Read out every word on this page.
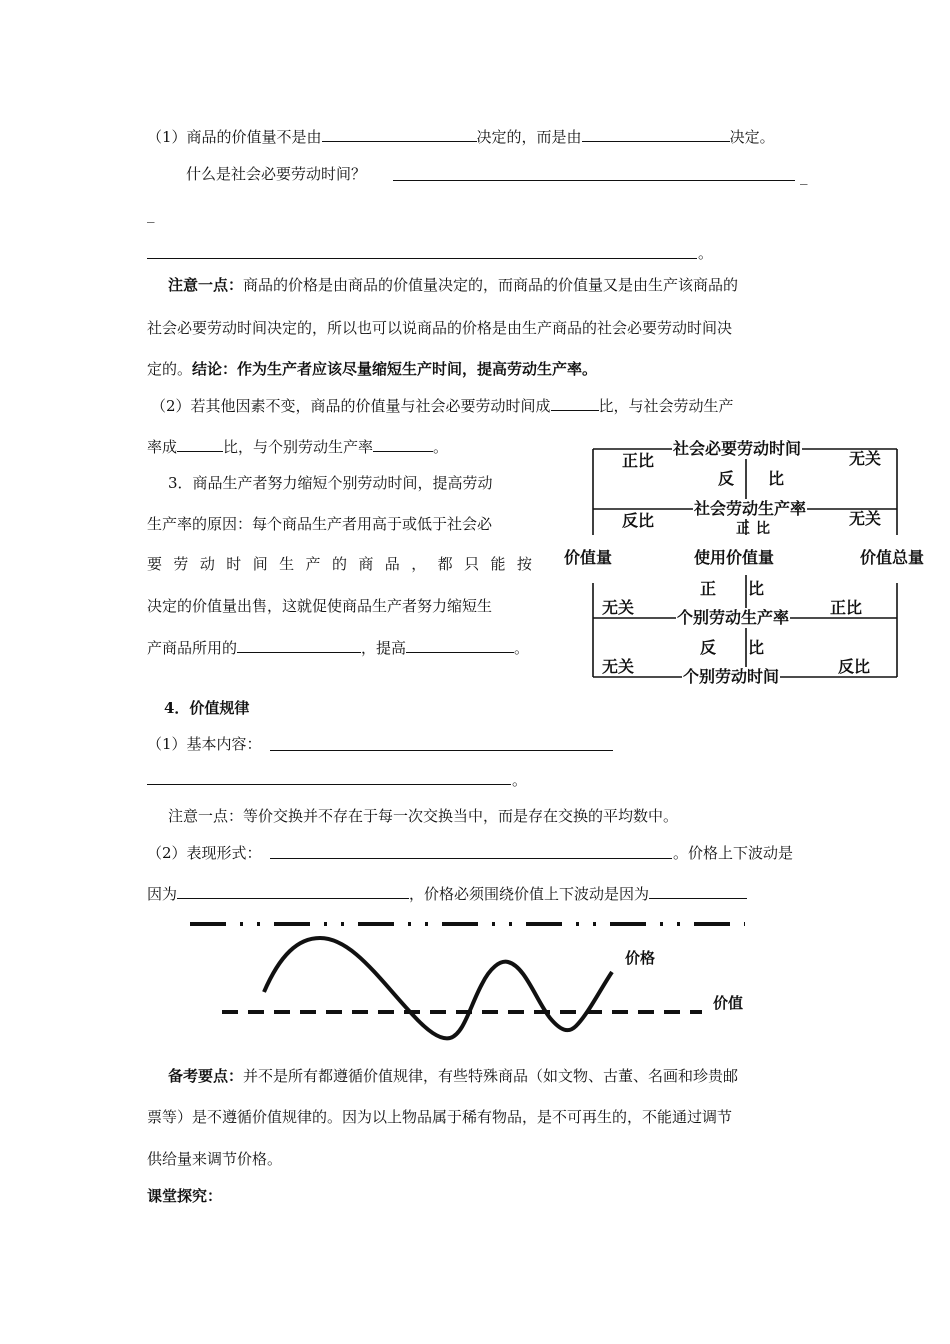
（1）商品的价值量不是由	决定的，而是由	决定。
什么是社会必要劳动时间？	_
_
。
注意一点：商品的价格是由商品的价值量决定的，而商品的价值量又是由生产该商品的
社会必要劳动时间决定的，所以也可以说商品的价格是由生产商品的社会必要劳动时间决
定的。结论：作为生产者应该尽量缩短生产时间，提高劳动生产率。
（2）若其他因素不变，商品的价值量与社会必要劳动时间成	比，与社会劳动生产
率成	比，与个别劳动生产率	。
3．商品生产者努力缩短个别劳动时间，提高劳动
生产率的原因：每个商品生产者用高于或低于社会必
要 劳 动 时 间 生 产 的 商 品 ， 都 只 能 按
决定的价值量出售，这就促使商品生产者努力缩短生
产商品所用的	，提高	。
社会必要劳动时间
反 比
正比	无关
社会劳动生产率
反比	无关
正 比
价值量	使用价值量	价值总量
正 比
无关
个别劳动生产率
正比
反 比
无关
个别劳动时间
反比
4．价值规律
（1）基本内容：
。
注意一点：等价交换并不存在于每一次交换当中，而是存在交换的平均数中。
（2）表现形式：	。价格上下波动是
因为	，价格必须围绕价值上下波动是因为
价格
价值
备考要点：并不是所有都遵循价值规律，有些特殊商品（如文物、古董、名画和珍贵邮
票等）是不遵循价值规律的。因为以上物品属于稀有物品，是不可再生的，不能通过调节
供给量来调节价格。
课堂探究：
